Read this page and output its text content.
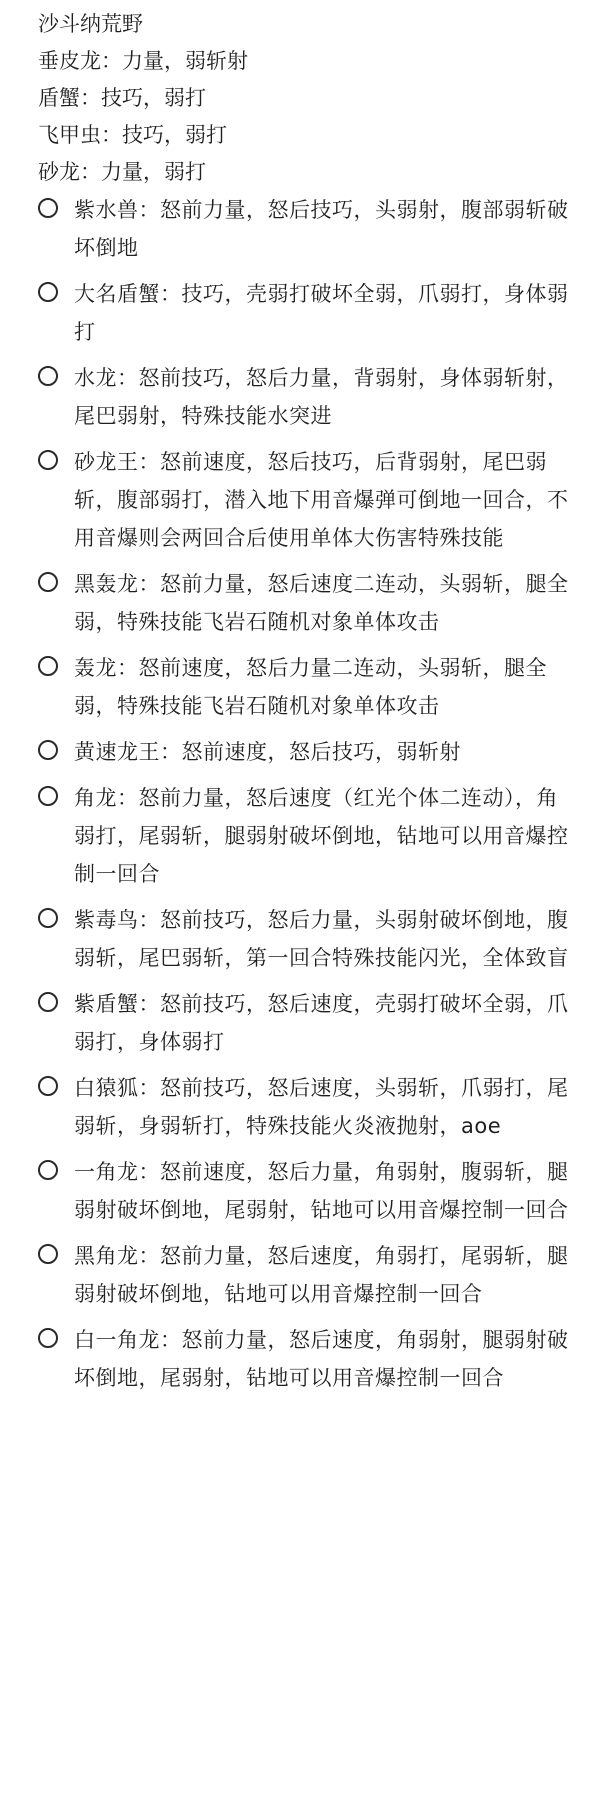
沙斗纳荒野

垂皮龙：力量，弱斩射

盾蟹：技巧，弱打

飞甲虫：技巧，弱打

砂龙：力量，弱打

紫水兽：怒前力量，怒后技巧，头弱射，腹部弱斩破坏倒地
大名盾蟹：技巧，壳弱打破坏全弱，爪弱打，身体弱打
水龙：怒前技巧，怒后力量，背弱射，身体弱斩射，尾巴弱射，特殊技能水突进
砂龙王：怒前速度，怒后技巧，后背弱射，尾巴弱斩，腹部弱打，潜入地下用音爆弹可倒地一回合，不用音爆则会两回合后使用单体大伤害特殊技能
黑轰龙：怒前力量，怒后速度二连动，头弱斩，腿全弱，特殊技能飞岩石随机对象单体攻击
轰龙：怒前速度，怒后力量二连动，头弱斩，腿全弱，特殊技能飞岩石随机对象单体攻击
黄速龙王：怒前速度，怒后技巧，弱斩射
角龙：怒前力量，怒后速度（红光个体二连动），角弱打，尾弱斩，腿弱射破坏倒地，钻地可以用音爆控制一回合
紫毒鸟：怒前技巧，怒后力量，头弱射破坏倒地，腹弱斩，尾巴弱斩，第一回合特殊技能闪光，全体致盲
紫盾蟹：怒前技巧，怒后速度，壳弱打破坏全弱，爪弱打，身体弱打
白猿狐：怒前技巧，怒后速度，头弱斩，爪弱打，尾弱斩，身弱斩打，特殊技能火炎液抛射，aoe
一角龙：怒前速度，怒后力量，角弱射，腹弱斩，腿弱射破坏倒地，尾弱射，钻地可以用音爆控制一回合
黑角龙：怒前力量，怒后速度，角弱打，尾弱斩，腿弱射破坏倒地，钻地可以用音爆控制一回合
白一角龙：怒前力量，怒后速度，角弱射，腿弱射破坏倒地，尾弱射，钻地可以用音爆控制一回合
